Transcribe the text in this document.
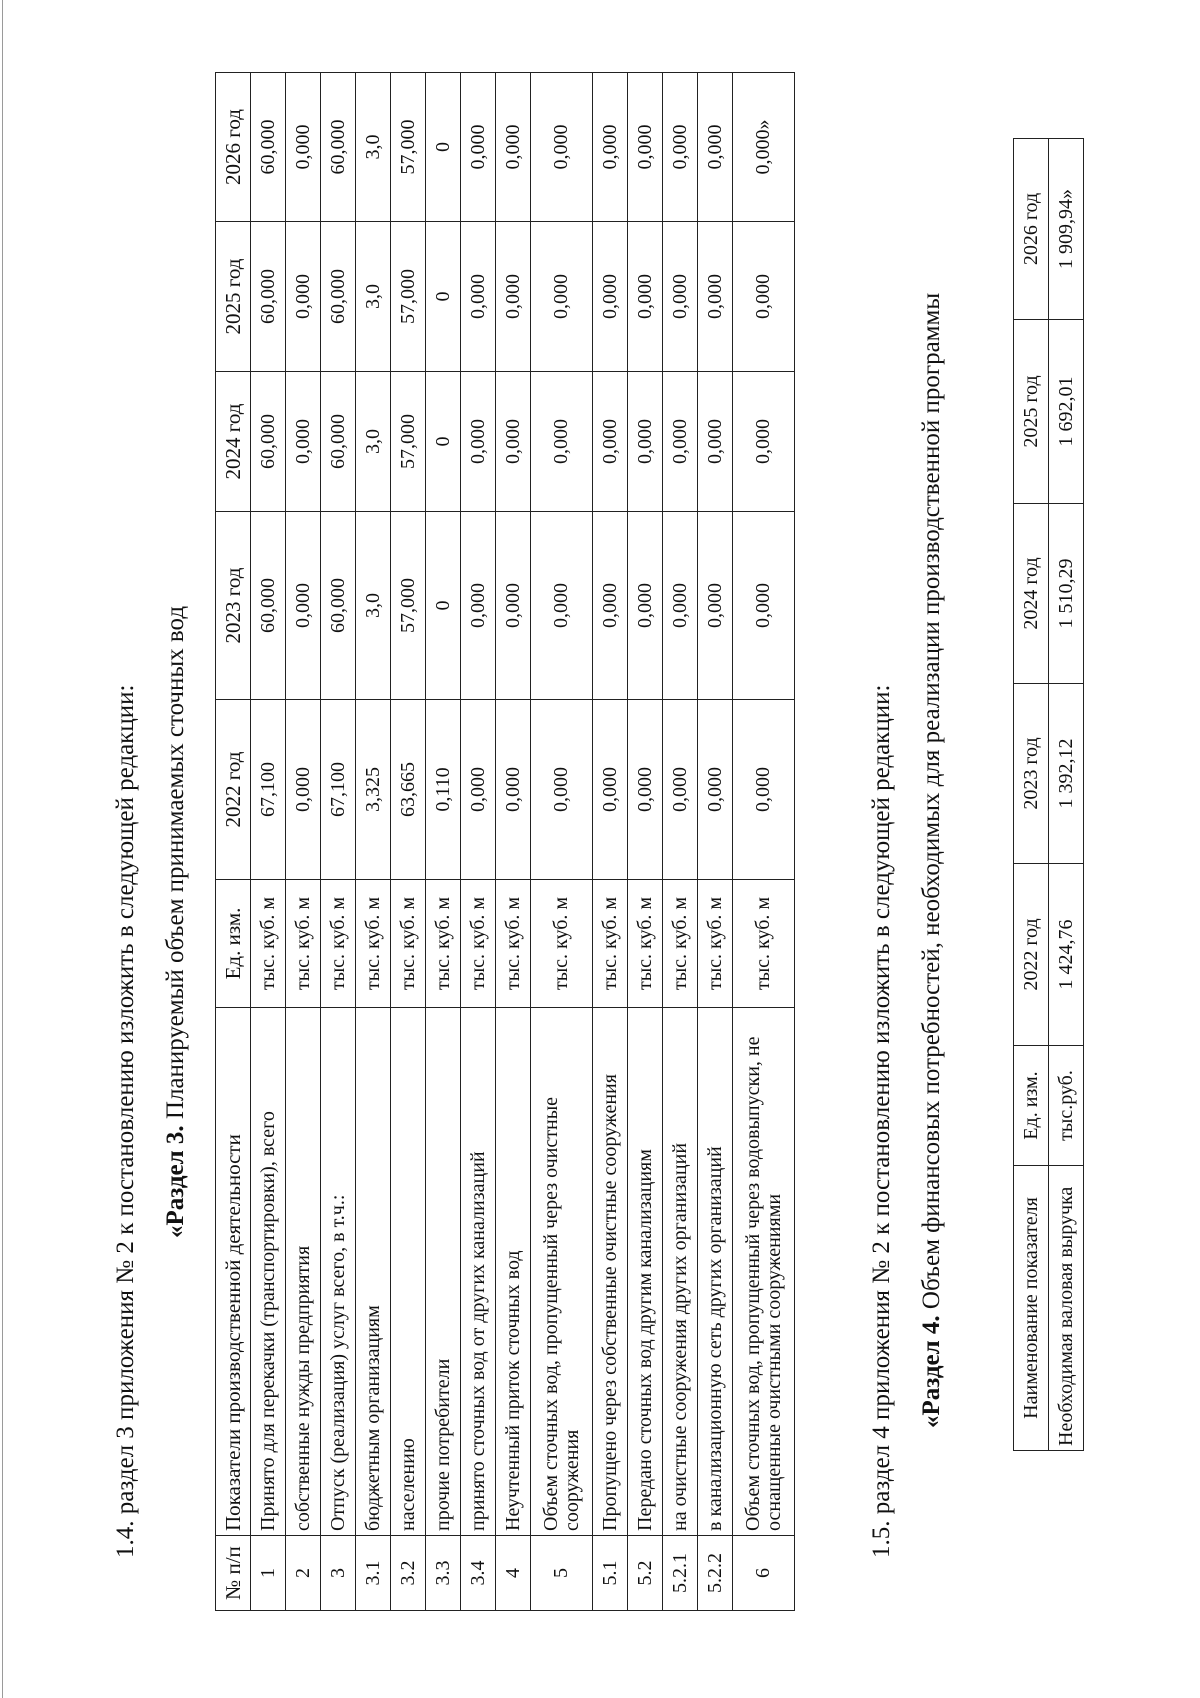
1.4. раздел 3 приложения № 2 к постановлению изложить в следующей редакции: «Раздел 3. Планируемый объем принимаемых сточных вод
№ п/п	Показатели производственной деятельности	Ед. изм.	2022 год	2023 год	2024 год	2025 год	2026 год
1	Принято для перекачки (транспортировки), всего	тыс. куб. м	67,100	60,000	60,000	60,000	60,000
2	собственные нужды предприятия	тыс. куб. м	0,000	0,000	0,000	0,000	0,000
3	Отпуск (реализация) услуг всего, в т.ч.:	тыс. куб. м	67,100	60,000	60,000	60,000	60,000
3.1	бюджетным организациям	тыс. куб. м	3,325	3,0	3,0	3,0	3,0
3.2	населению	тыс. куб. м	63,665	57,000	57,000	57,000	57,000
3.3	прочие потребители	тыс. куб. м	0,110	0	0	0	0
3.4	принято сточных вод от других канализаций	тыс. куб. м	0,000	0,000	0,000	0,000	0,000
4	Неучтенный приток сточных вод	тыс. куб. м	0,000	0,000	0,000	0,000	0,000
5	Объем сточных вод, пропущенный через очистные сооружения	тыс. куб. м	0,000	0,000	0,000	0,000	0,000
5.1	Пропущено через собственные очистные сооружения	тыс. куб. м	0,000	0,000	0,000	0,000	0,000
5.2	Передано сточных вод другим канализациям	тыс. куб. м	0,000	0,000	0,000	0,000	0,000
5.2.1	на очистные сооружения других организаций	тыс. куб. м	0,000	0,000	0,000	0,000	0,000
5.2.2	в канализационную сеть других организаций	тыс. куб. м	0,000	0,000	0,000	0,000	0,000
6	Объем сточных вод, пропущенный через водовыпуски, не оснащенные очистными сооружениями	тыс. куб. м	0,000	0,000	0,000	0,000	0,000»
1.5. раздел 4 приложения № 2 к постановлению изложить в следующей редакции: «Раздел 4. Объем финансовых потребностей, необходимых для реализации производственной программы	Наименование показателя	Ед. изм.	2022 год	2023 год	2024 год	2025 год	2026 год
Необходимая валовая выручка	тыс.руб.	1 424,76	1 392,12	1 510,29	1 692,01	1 909,94»
